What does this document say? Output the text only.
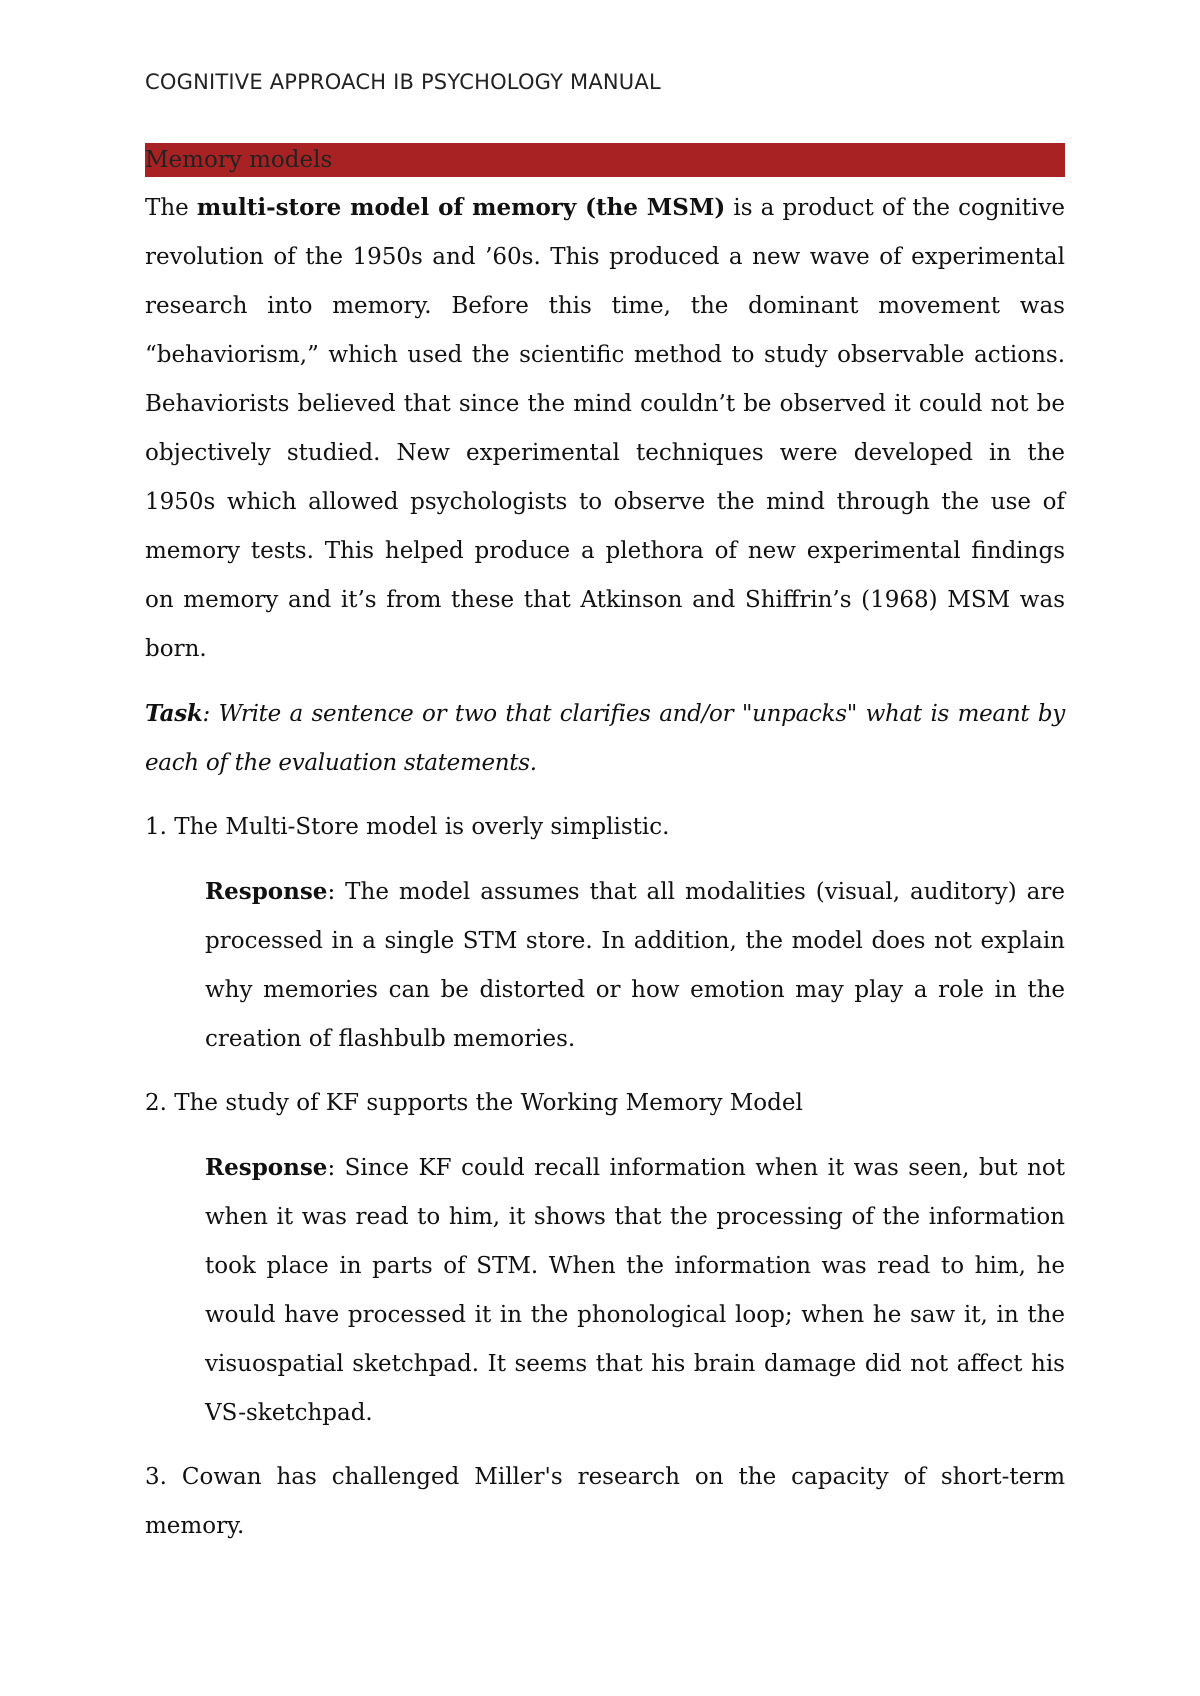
COGNITIVE APPROACH IB PSYCHOLOGY MANUAL
Memory models

The multi-store model of memory (the MSM) is a product of the cognitive revolution of the 1950s and ’60s. This produced a new wave of experimental research into memory. Before this time, the dominant movement was “behaviorism,” which used the scientific method to study observable actions. Behaviorists believed that since the mind couldn’t be observed it could not be objectively studied. New experimental techniques were developed in the 1950s which allowed psychologists to observe the mind through the use of memory tests. This helped produce a plethora of new experimental findings on memory and it’s from these that Atkinson and Shiffrin’s (1968) MSM was born.

Task: Write a sentence or two that clarifies and/or "unpacks" what is meant by each of the evaluation statements.

1. The Multi-Store model is overly simplistic.

Response: The model assumes that all modalities (visual, auditory) are processed in a single STM store. In addition, the model does not explain why memories can be distorted or how emotion may play a role in the creation of flashbulb memories.

2. The study of KF supports the Working Memory Model

Response: Since KF could recall information when it was seen, but not when it was read to him, it shows that the processing of the information took place in parts of STM. When the information was read to him, he would have processed it in the phonological loop; when he saw it, in the visuospatial sketchpad. It seems that his brain damage did not affect his VS-sketchpad.

3. Cowan has challenged Miller's research on the capacity of short-term memory.
